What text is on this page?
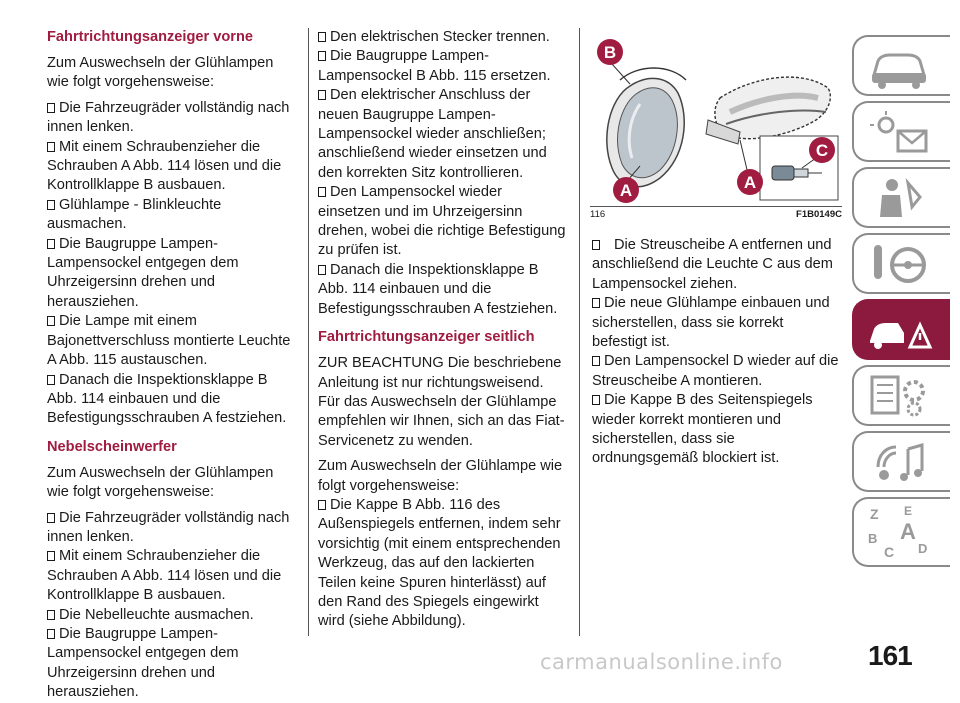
Fahrtrichtungsanzeiger vorne

Zum Auswechseln der Glühlampen wie folgt vorgehensweise:

Die Fahrzeugräder vollständig nach innen lenken.

Mit einem Schraubenzieher die Schrauben A Abb. 114 lösen und die Kontrollklappe B ausbauen.

Glühlampe - Blinkleuchte ausmachen.

Die Baugruppe Lampen-Lampensockel entgegen dem Uhrzeigersinn drehen und herausziehen.

Die Lampe mit einem Bajonettverschluss montierte Leuchte A Abb. 115 austauschen.

Danach die Inspektionsklappe B Abb. 114 einbauen und die Befestigungsschrauben A festziehen.

Nebelscheinwerfer

Zum Auswechseln der Glühlampen wie folgt vorgehensweise:

Die Fahrzeugräder vollständig nach innen lenken.

Mit einem Schraubenzieher die Schrauben A Abb. 114 lösen und die Kontrollklappe B ausbauen.

Die Nebelleuchte ausmachen.

Die Baugruppe Lampen-Lampensockel entgegen dem Uhrzeigersinn drehen und herausziehen.

Den elektrischen Stecker trennen.

Die Baugruppe Lampen-Lampensockel B Abb. 115 ersetzen.

Den elektrischer Anschluss der neuen Baugruppe Lampen-Lampensockel wieder anschließen; anschließend wieder einsetzen und den korrekten Sitz kontrollieren.

Den Lampensockel wieder einsetzen und im Uhrzeigersinn drehen, wobei die richtige Befestigung zu prüfen ist.

Danach die Inspektionsklappe B Abb. 114 einbauen und die Befestigungsschrauben A festziehen.

Fahrtrichtungsanzeiger seitlich

ZUR BEACHTUNG Die beschriebene Anleitung ist nur richtungsweisend. Für das Auswechseln der Glühlampe empfehlen wir Ihnen, sich an das Fiat-Servicenetz zu wenden.

Zum Auswechseln der Glühlampe wie folgt vorgehensweise:

Die Kappe B Abb. 116 des Außenspiegels entfernen, indem sehr vorsichtig (mit einem entsprechenden Werkzeug, das auf den lackierten Teilen keine Spuren hinterlässt) auf den Rand des Spiegels eingewirkt wird (siehe Abbildung).

B
A	A
C
116	F1B0149C

Die Streuscheibe A entfernen und anschließend die Leuchte C aus dem Lampensockel ziehen.

Die neue Glühlampe einbauen und sicherstellen, dass sie korrekt befestigt ist.

Den Lampensockel D wieder auf die Streuscheibe A montieren.

Die Kappe B des Seitenspiegels wieder korrekt montieren und sicherstellen, dass sie ordnungsgemäß blockiert ist.

Z E
A
B
C D
carmanualsonline.info	161
